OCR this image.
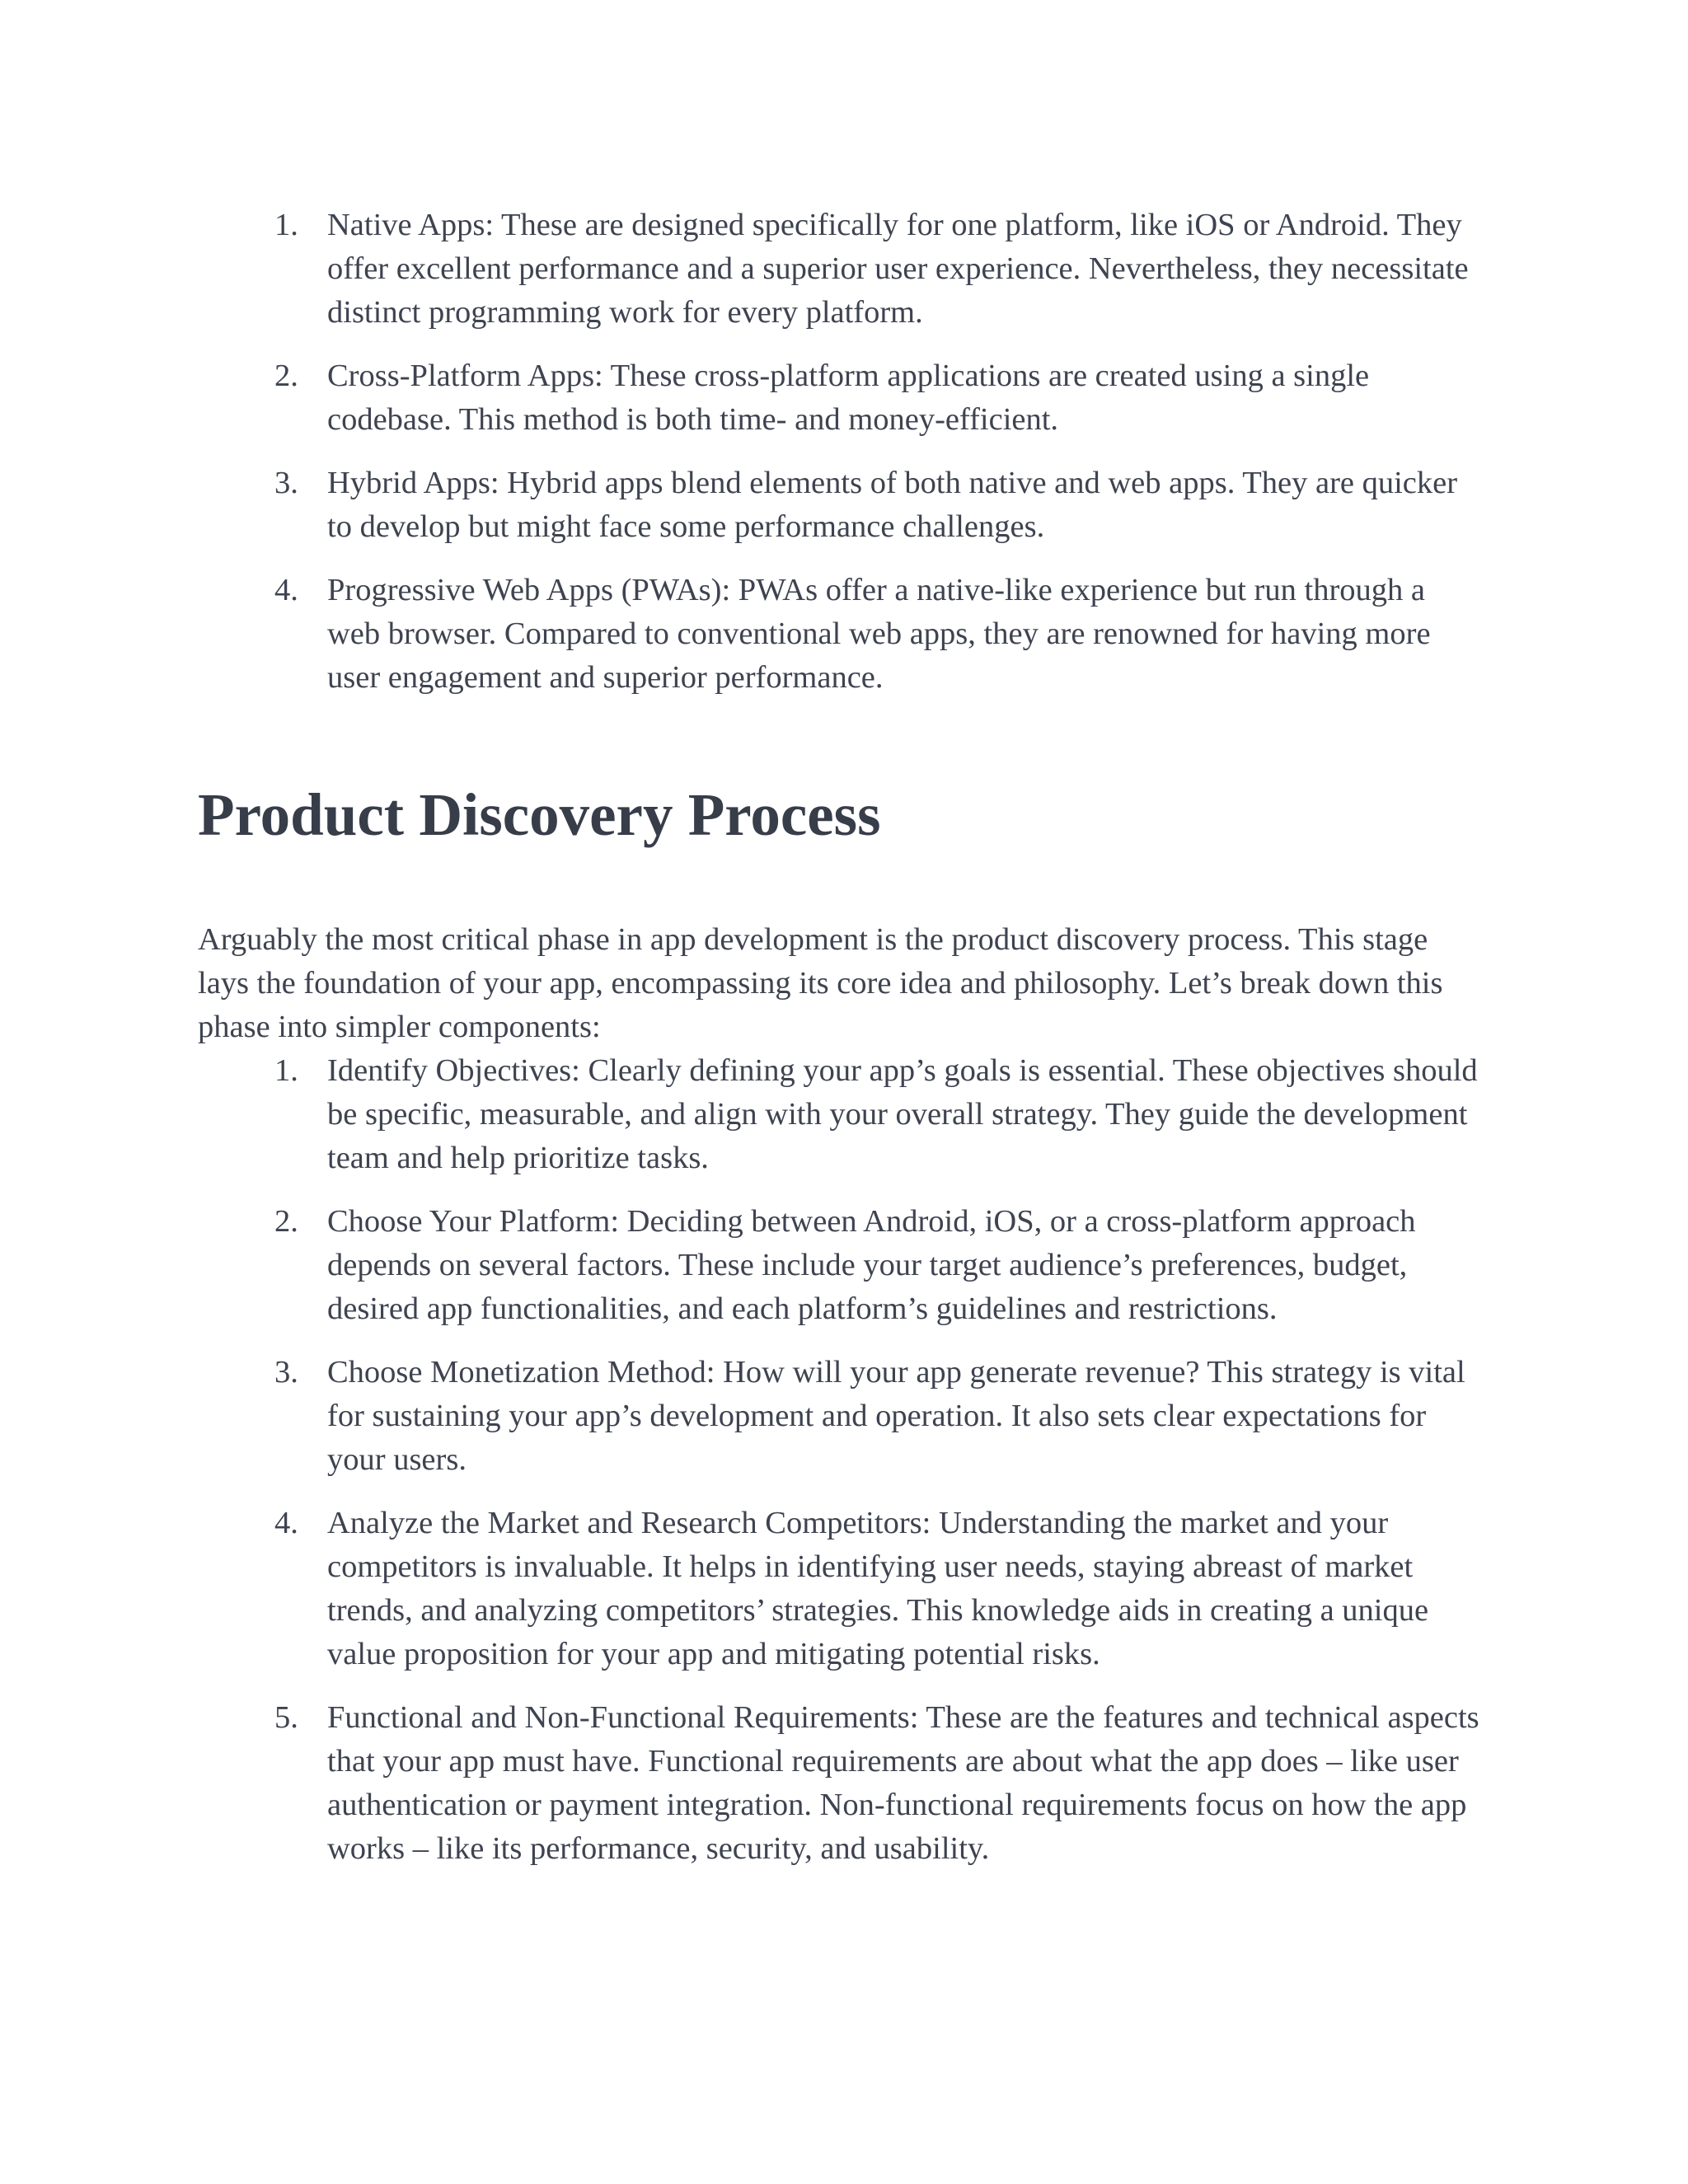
1. Native Apps: These are designed specifically for one platform, like iOS or Android. They offer excellent performance and a superior user experience. Nevertheless, they necessitate distinct programming work for every platform.
2. Cross-Platform Apps: These cross-platform applications are created using a single codebase. This method is both time- and money-efficient.
3. Hybrid Apps: Hybrid apps blend elements of both native and web apps. They are quicker to develop but might face some performance challenges.
4. Progressive Web Apps (PWAs): PWAs offer a native-like experience but run through a web browser. Compared to conventional web apps, they are renowned for having more user engagement and superior performance.
Product Discovery Process

Arguably the most critical phase in app development is the product discovery process. This stage lays the foundation of your app, encompassing its core idea and philosophy. Let’s break down this phase into simpler components:

1. Identify Objectives: Clearly defining your app’s goals is essential. These objectives should be specific, measurable, and align with your overall strategy. They guide the development team and help prioritize tasks.
2. Choose Your Platform: Deciding between Android, iOS, or a cross-platform approach depends on several factors. These include your target audience’s preferences, budget, desired app functionalities, and each platform’s guidelines and restrictions.
3. Choose Monetization Method: How will your app generate revenue? This strategy is vital for sustaining your app’s development and operation. It also sets clear expectations for your users.
4. Analyze the Market and Research Competitors: Understanding the market and your competitors is invaluable. It helps in identifying user needs, staying abreast of market trends, and analyzing competitors’ strategies. This knowledge aids in creating a unique value proposition for your app and mitigating potential risks.
5. Functional and Non-Functional Requirements: These are the features and technical aspects that your app must have. Functional requirements are about what the app does – like user authentication or payment integration. Non-functional requirements focus on how the app works – like its performance, security, and usability.
